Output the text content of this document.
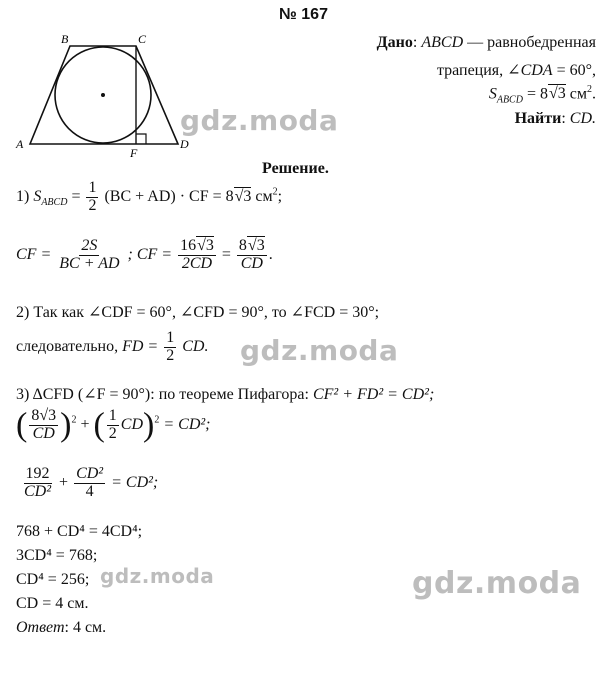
№ 167
A
B	C
D
F
Дано: ABCD — равнобедренная
трапеция, ∠CDA = 60°,
$S_{ABCD} = 8√3$ $см^2$.
Найти: CD.
Решение.
1) $S_{ABCD} = \frac{1}{2} (BC + AD)$ · CF = 8√3 $см^2$;
CF = $\frac{2S}{BC + AD}$ ; CF = $\frac{16√3}{2CD} = \frac{8√3}{CD}$ .
2) Так как ∠CDF = 60°, ∠CFD = 90°, то ∠FCD = 30°;
следовательно, FD = $\frac{1}{2}$ CD.
3) ΔCFD (∠F = 90°): по теореме Пифагора: CF² + FD² = CD²;
( $\frac{8√3}{CD} )^2$ + ( $\frac{1}{2} CD)^2 = CD^2$;
$\frac{192}{\text{CD²}} + \frac{\text{CD²}}{4} = CD^2$;
768 + CD⁴ = 4CD⁴;
3CD⁴ = 768;
CD⁴ = 256;
CD = 4 см.
Ответ: 4 см.
gdz.moda
gdz.moda
gdz.moda	gdz.moda
